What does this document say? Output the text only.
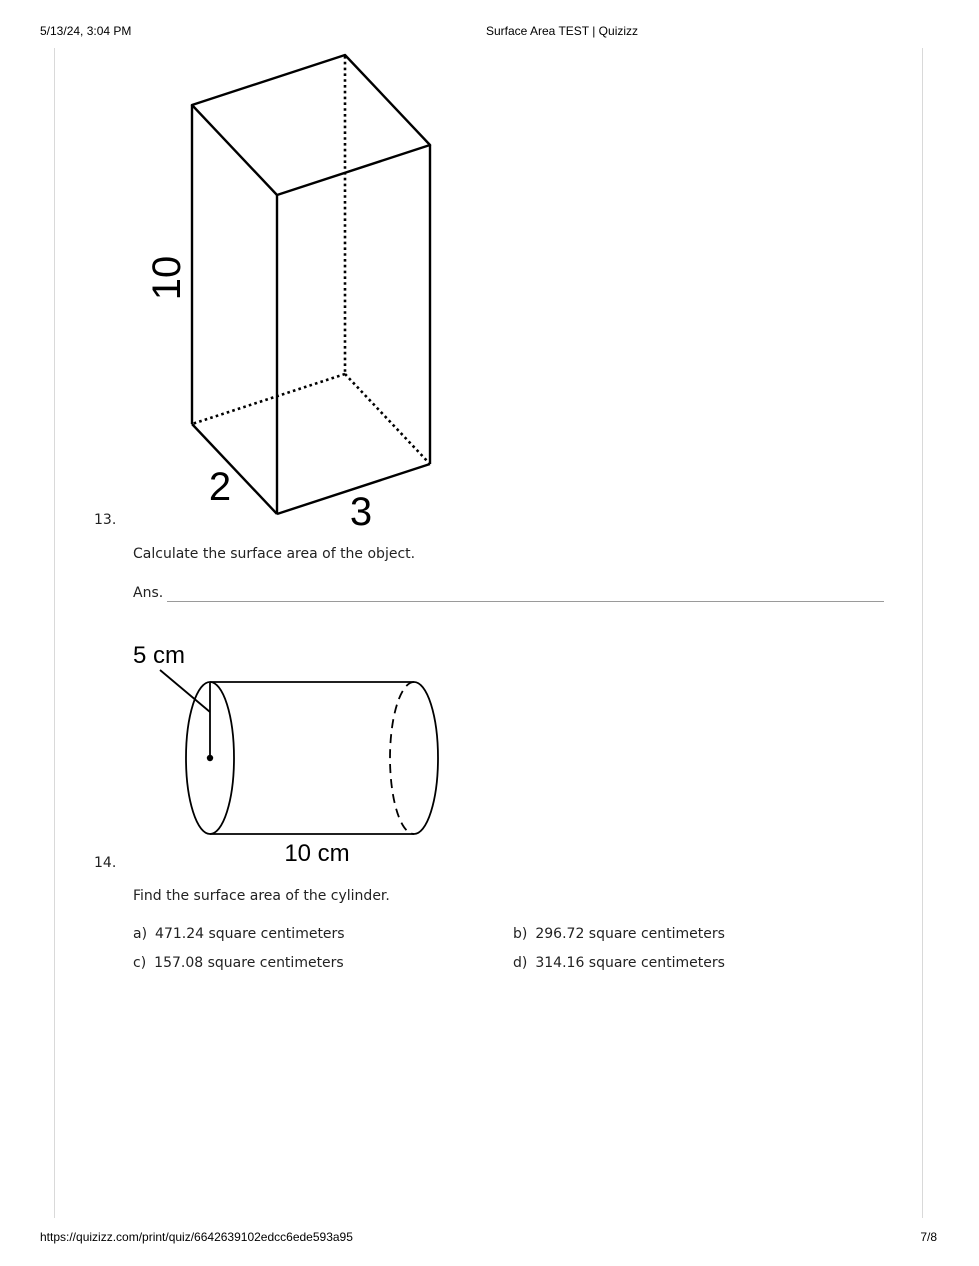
5/13/24, 3:04 PM	Surface Area TEST | Quizizz
10
2
3
13.
Calculate the surface area of the object.
Ans.
5 cm
10 cm
14.
Find the surface area of the cylinder.
a) 471.24 square centimeters	b) 296.72 square centimeters
c) 157.08 square centimeters	d) 314.16 square centimeters
https://quizizz.com/print/quiz/6642639102edcc6ede593a95	7/8
